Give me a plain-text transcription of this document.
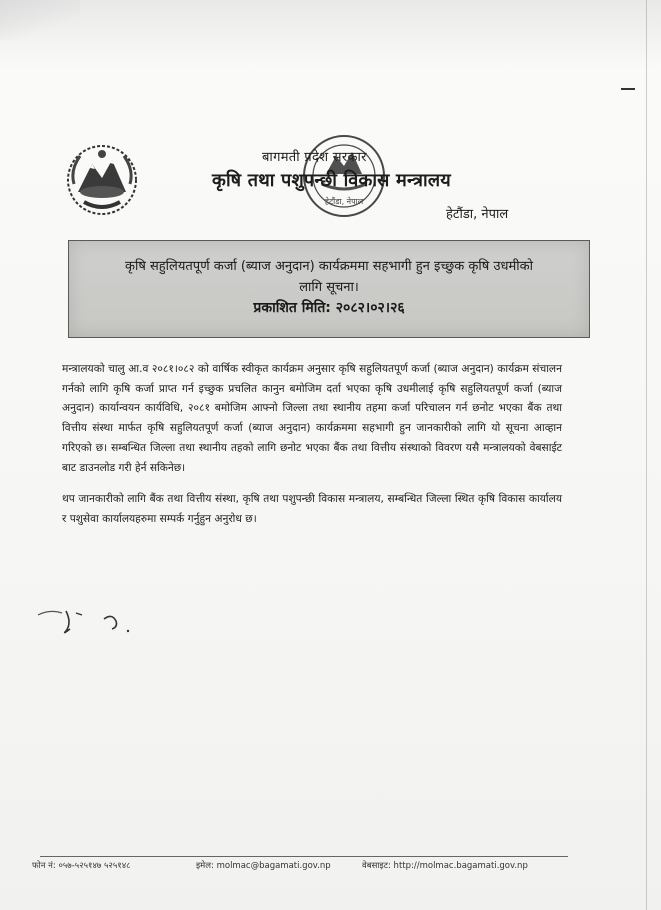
हेटौंडा, नेपाल
बागमती प्रदेश सरकार
कृषि तथा पशुपन्छी विकास मन्त्रालय
हेटौंडा, नेपाल
कृषि सहुलियतपूर्ण कर्जा (ब्याज अनुदान) कार्यक्रममा सहभागी हुन इच्छुक कृषि उधमीको
लागि सूचना।
प्रकाशित मिति: २०८२।०२।२६

मन्त्रालयको चालु आ.व २०८१।०८२ को वार्षिक स्वीकृत कार्यक्रम अनुसार कृषि सहुलियतपूर्ण कर्जा (ब्याज अनुदान) कार्यक्रम संचालन गर्नको लागि कृषि कर्जा प्राप्त गर्न इच्छुक प्रचलित कानुन बमोजिम दर्ता भएका कृषि उधमीलाई कृषि सहुलियतपूर्ण कर्जा (ब्याज अनुदान) कार्यान्वयन कार्यविधि, २०८१ बमोजिम आफ्नो जिल्ला तथा स्थानीय तहमा कर्जा परिचालन गर्न छनोट भएका बैंक तथा वित्तीय संस्था मार्फत कृषि सहुलियतपूर्ण कर्जा (ब्याज अनुदान) कार्यक्रममा सहभागी हुन जानकारीको लागि यो सूचना आव्हान गरिएको छ। सम्बन्धित जिल्ला तथा स्थानीय तहको लागि छनोट भएका बैंक तथा वित्तीय संस्थाको विवरण यसै मन्त्रालयको वेबसाईट बाट डाउनलोड गरी हेर्न सकिनेछ।

थप जानकारीको लागि बैंक तथा वित्तीय संस्था, कृषि तथा पशुपन्छी विकास मन्त्रालय, सम्बन्धित जिल्ला स्थित कृषि विकास कार्यालय र पशुसेवा कार्यालयहरुमा सम्पर्क गर्नुहुन अनुरोध छ।

फोन नं: ०५७-५२५१४७ ५२५१४८	इमेल: molmac@bagamati.gov.np	वेबसाइट: http://molmac.bagamati.gov.np
